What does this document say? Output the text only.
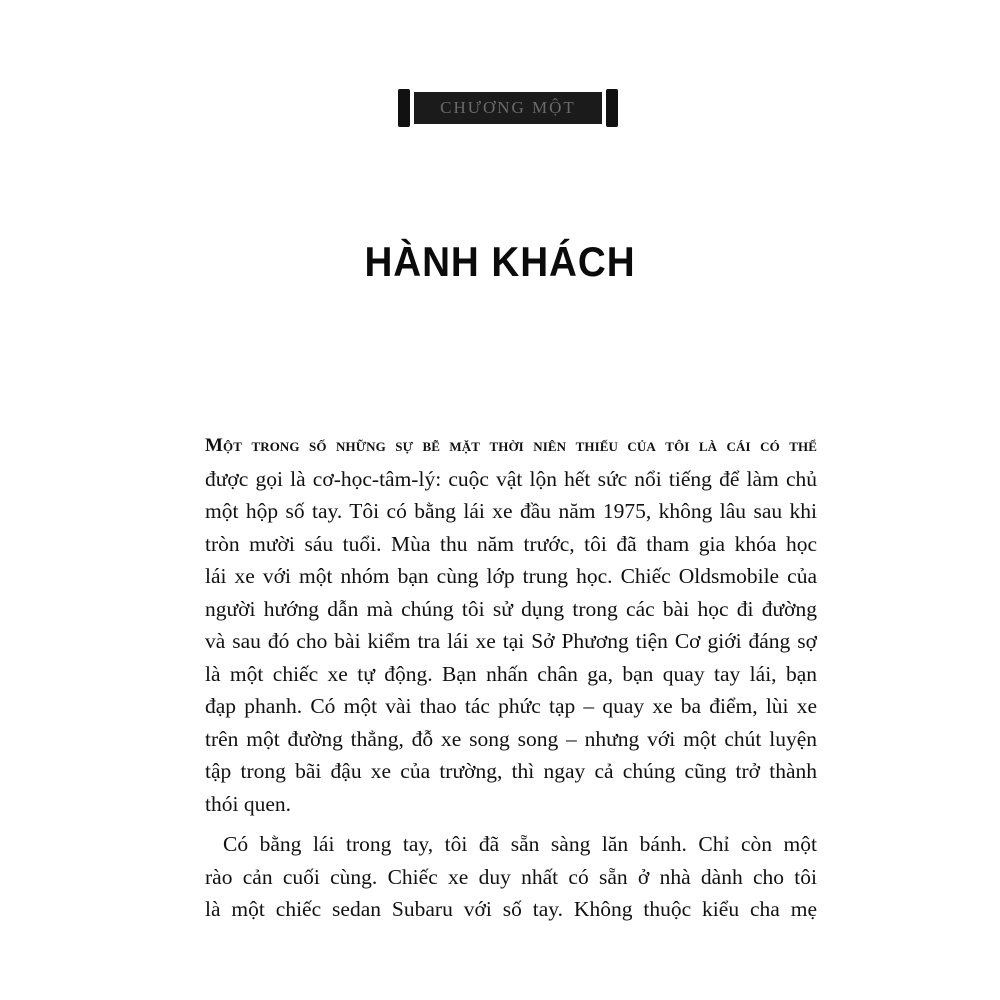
CHƯƠNG MỘT
HÀNH KHÁCH
Một trong số những sự bẽ mặt thời niên thiếu của tôi là cái có thể
được gọi là cơ-học-tâm-lý: cuộc vật lộn hết sức nổi tiếng để làm chủ
một hộp số tay. Tôi có bằng lái xe đầu năm 1975, không lâu sau khi
tròn mười sáu tuổi. Mùa thu năm trước, tôi đã tham gia khóa học
lái xe với một nhóm bạn cùng lớp trung học. Chiếc Oldsmobile của
người hướng dẫn mà chúng tôi sử dụng trong các bài học đi đường
và sau đó cho bài kiểm tra lái xe tại Sở Phương tiện Cơ giới đáng sợ
là một chiếc xe tự động. Bạn nhấn chân ga, bạn quay tay lái, bạn
đạp phanh. Có một vài thao tác phức tạp – quay xe ba điểm, lùi xe
trên một đường thẳng, đỗ xe song song – nhưng với một chút luyện
tập trong bãi đậu xe của trường, thì ngay cả chúng cũng trở thành
thói quen.
Có bằng lái trong tay, tôi đã sẵn sàng lăn bánh. Chỉ còn một
rào cản cuối cùng. Chiếc xe duy nhất có sẵn ở nhà dành cho tôi
là một chiếc sedan Subaru với số tay. Không thuộc kiểu cha mẹ
